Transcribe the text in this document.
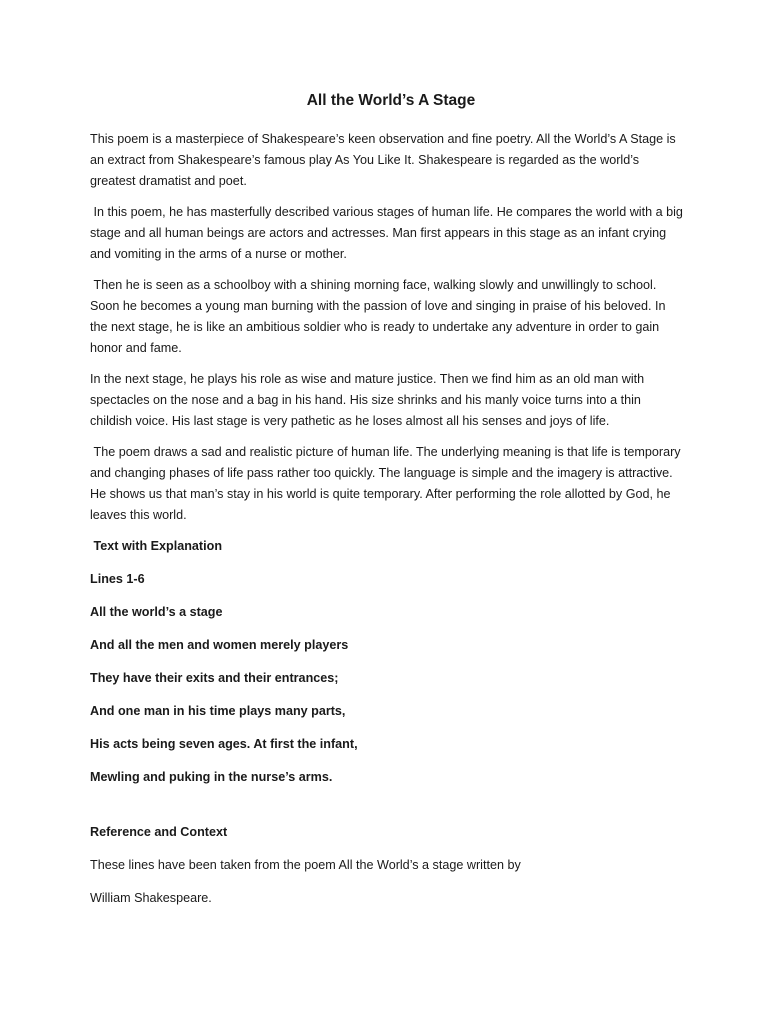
All the World’s A Stage

This poem is a masterpiece of Shakespeare’s keen observation and fine poetry. All the World’s A Stage is an extract from Shakespeare’s famous play As You Like It. Shakespeare is regarded as the world’s greatest dramatist and poet.

In this poem, he has masterfully described various stages of human life. He compares the world with a big stage and all human beings are actors and actresses. Man first appears in this stage as an infant crying and vomiting in the arms of a nurse or mother.

Then he is seen as a schoolboy with a shining morning face, walking slowly and unwillingly to school. Soon he becomes a young man burning with the passion of love and singing in praise of his beloved. In the next stage, he is like an ambitious soldier who is ready to undertake any adventure in order to gain honor and fame.

In the next stage, he plays his role as wise and mature justice. Then we find him as an old man with spectacles on the nose and a bag in his hand. His size shrinks and his manly voice turns into a thin childish voice. His last stage is very pathetic as he loses almost all his senses and joys of life.

The poem draws a sad and realistic picture of human life. The underlying meaning is that life is temporary and changing phases of life pass rather too quickly. The language is simple and the imagery is attractive. He shows us that man’s stay in his world is quite temporary. After performing the role allotted by God, he leaves this world.

Text with Explanation
Lines 1-6
All the world’s a stage
And all the men and women merely players
They have their exits and their entrances;
And one man in his time plays many parts,
His acts being seven ages. At first the infant,
Mewling and puking in the nurse’s arms.
Reference and Context
These lines have been taken from the poem All the World’s a stage written by
William Shakespeare.
